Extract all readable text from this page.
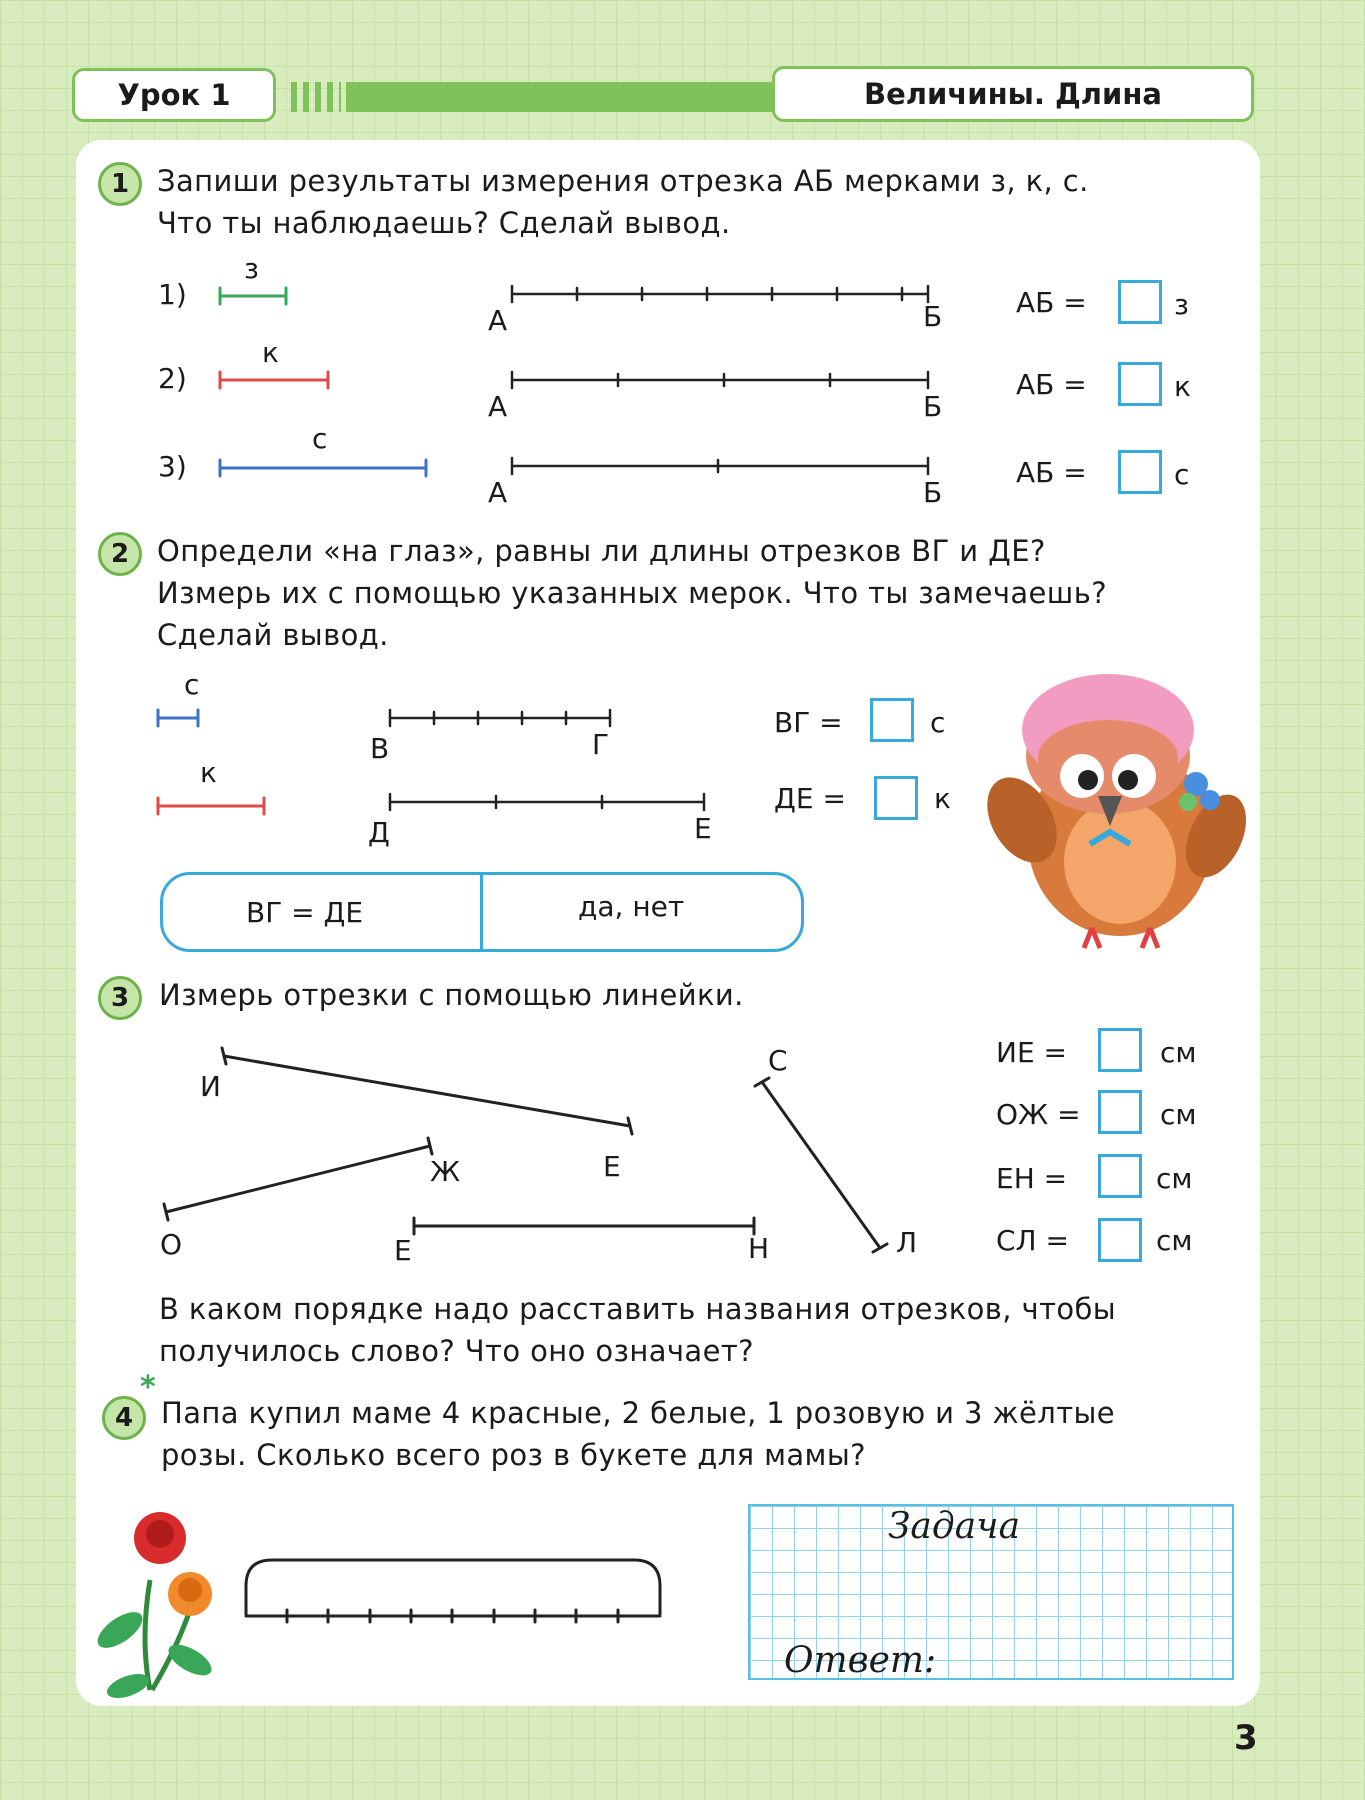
Урок 1	Величины. Длина
1 Запиши результаты измерения отрезка АБ мерками з, к, с.
Что ты наблюдаешь? Сделай вывод.
1)
з
А	Б	АБ =	з
2)
к
А	Б
АБ =	к
3)
с
А	Б
АБ =	с
2 Определи «на глаз», равны ли длины отрезков ВГ и ДЕ?
Измерь их с помощью указанных мерок. Что ты замечаешь?
Сделай вывод.
с
к
В	Г
Д	Е
ВГ =	с
ДЕ =	к
ВГ = ДЕ	да, нет
3	Измерь отрезки с помощью линейки.
И
Е
Ж
О	Е	Н
С
Л
ИЕ =	см
ОЖ =	см
ЕН =	см
СЛ =	см
В каком порядке надо расставить названия отрезков, чтобы
получилось слово? Что оно означает?
4
*
Папа купил маме 4 красные, 2 белые, 1 розовую и 3 жёлтые
розы. Сколько всего роз в букете для мамы?
Задача
Ответ:
3
